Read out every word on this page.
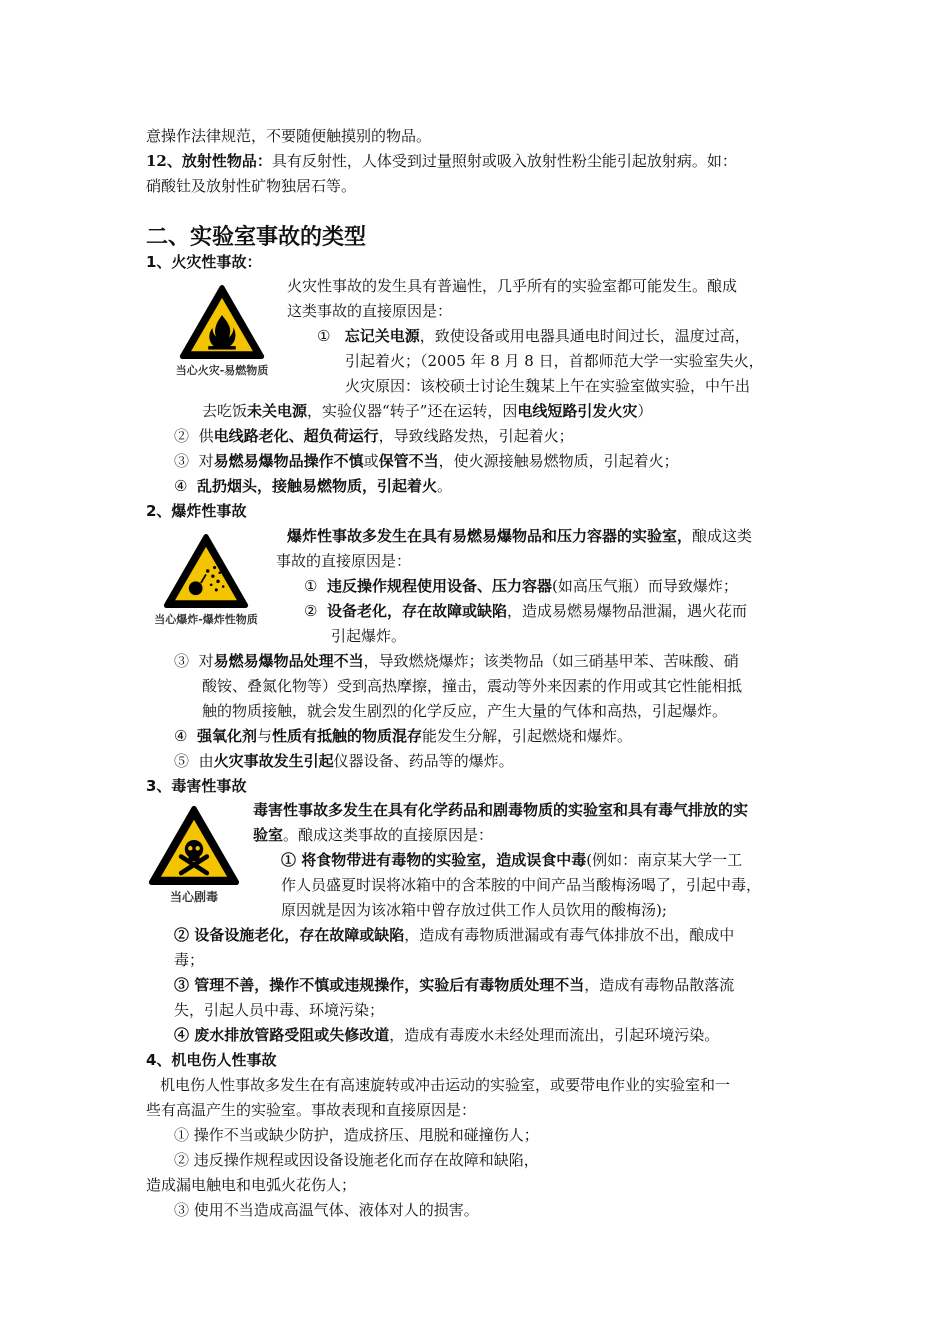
意操作法律规范，不要随便触摸别的物品。
12、放射性物品：具有反射性，人体受到过量照射或吸入放射性粉尘能引起放射病。如：
硝酸钍及放射性矿物独居石等。
二、实验室事故的类型
1、火灾性事故：
当心火灾-易燃物质
火灾性事故的发生具有普遍性，几乎所有的实验室都可能发生。酿成
这类事故的直接原因是：
① 忘记关电源，致使设备或用电器具通电时间过长，温度过高，
引起着火；（2005 年 8 月 8 日，首都师范大学一实验室失火，
火灾原因：该校硕士讨论生魏某上午在实验室做实验，中午出
去吃饭未关电源，实验仪器“转子”还在运转，因电线短路引发火灾）
② 供电线路老化、超负荷运行，导致线路发热，引起着火；
③ 对易燃易爆物品操作不慎或保管不当，使火源接触易燃物质，引起着火；
④ 乱扔烟头，接触易燃物质，引起着火。
2、爆炸性事故
当心爆炸-爆炸性物质
爆炸性事故多发生在具有易燃易爆物品和压力容器的实验室，酿成这类
事故的直接原因是：
① 违反操作规程使用设备、压力容器(如高压气瓶）而导致爆炸；
② 设备老化，存在故障或缺陷，造成易燃易爆物品泄漏，遇火花而
引起爆炸。
③ 对易燃易爆物品处理不当，导致燃烧爆炸；该类物品（如三硝基甲苯、苦味酸、硝
酸铵、叠氮化物等）受到高热摩擦，撞击，震动等外来因素的作用或其它性能相抵
触的物质接触，就会发生剧烈的化学反应，产生大量的气体和高热，引起爆炸。
④ 强氧化剂与性质有抵触的物质混存能发生分解，引起燃烧和爆炸。
⑤ 由火灾事故发生引起仪器设备、药品等的爆炸。
3、毒害性事故
当心剧毒
毒害性事故多发生在具有化学药品和剧毒物质的实验室和具有毒气排放的实
验室。酿成这类事故的直接原因是：
① 将食物带进有毒物的实验室，造成误食中毒(例如：南京某大学一工
作人员盛夏时误将冰箱中的含苯胺的中间产品当酸梅汤喝了，引起中毒，
原因就是因为该冰箱中曾存放过供工作人员饮用的酸梅汤);
② 设备设施老化，存在故障或缺陷，造成有毒物质泄漏或有毒气体排放不出，酿成中
毒；
③ 管理不善，操作不慎或违规操作，实验后有毒物质处理不当，造成有毒物品散落流
失，引起人员中毒、环境污染；
④ 废水排放管路受阻或失修改道，造成有毒废水未经处理而流出，引起环境污染。
4、机电伤人性事故
机电伤人性事故多发生在有高速旋转或冲击运动的实验室，或要带电作业的实验室和一
些有高温产生的实验室。事故表现和直接原因是：
① 操作不当或缺少防护，造成挤压、甩脱和碰撞伤人；
② 违反操作规程或因设备设施老化而存在故障和缺陷，
造成漏电触电和电弧火花伤人；
③ 使用不当造成高温气体、液体对人的损害。
